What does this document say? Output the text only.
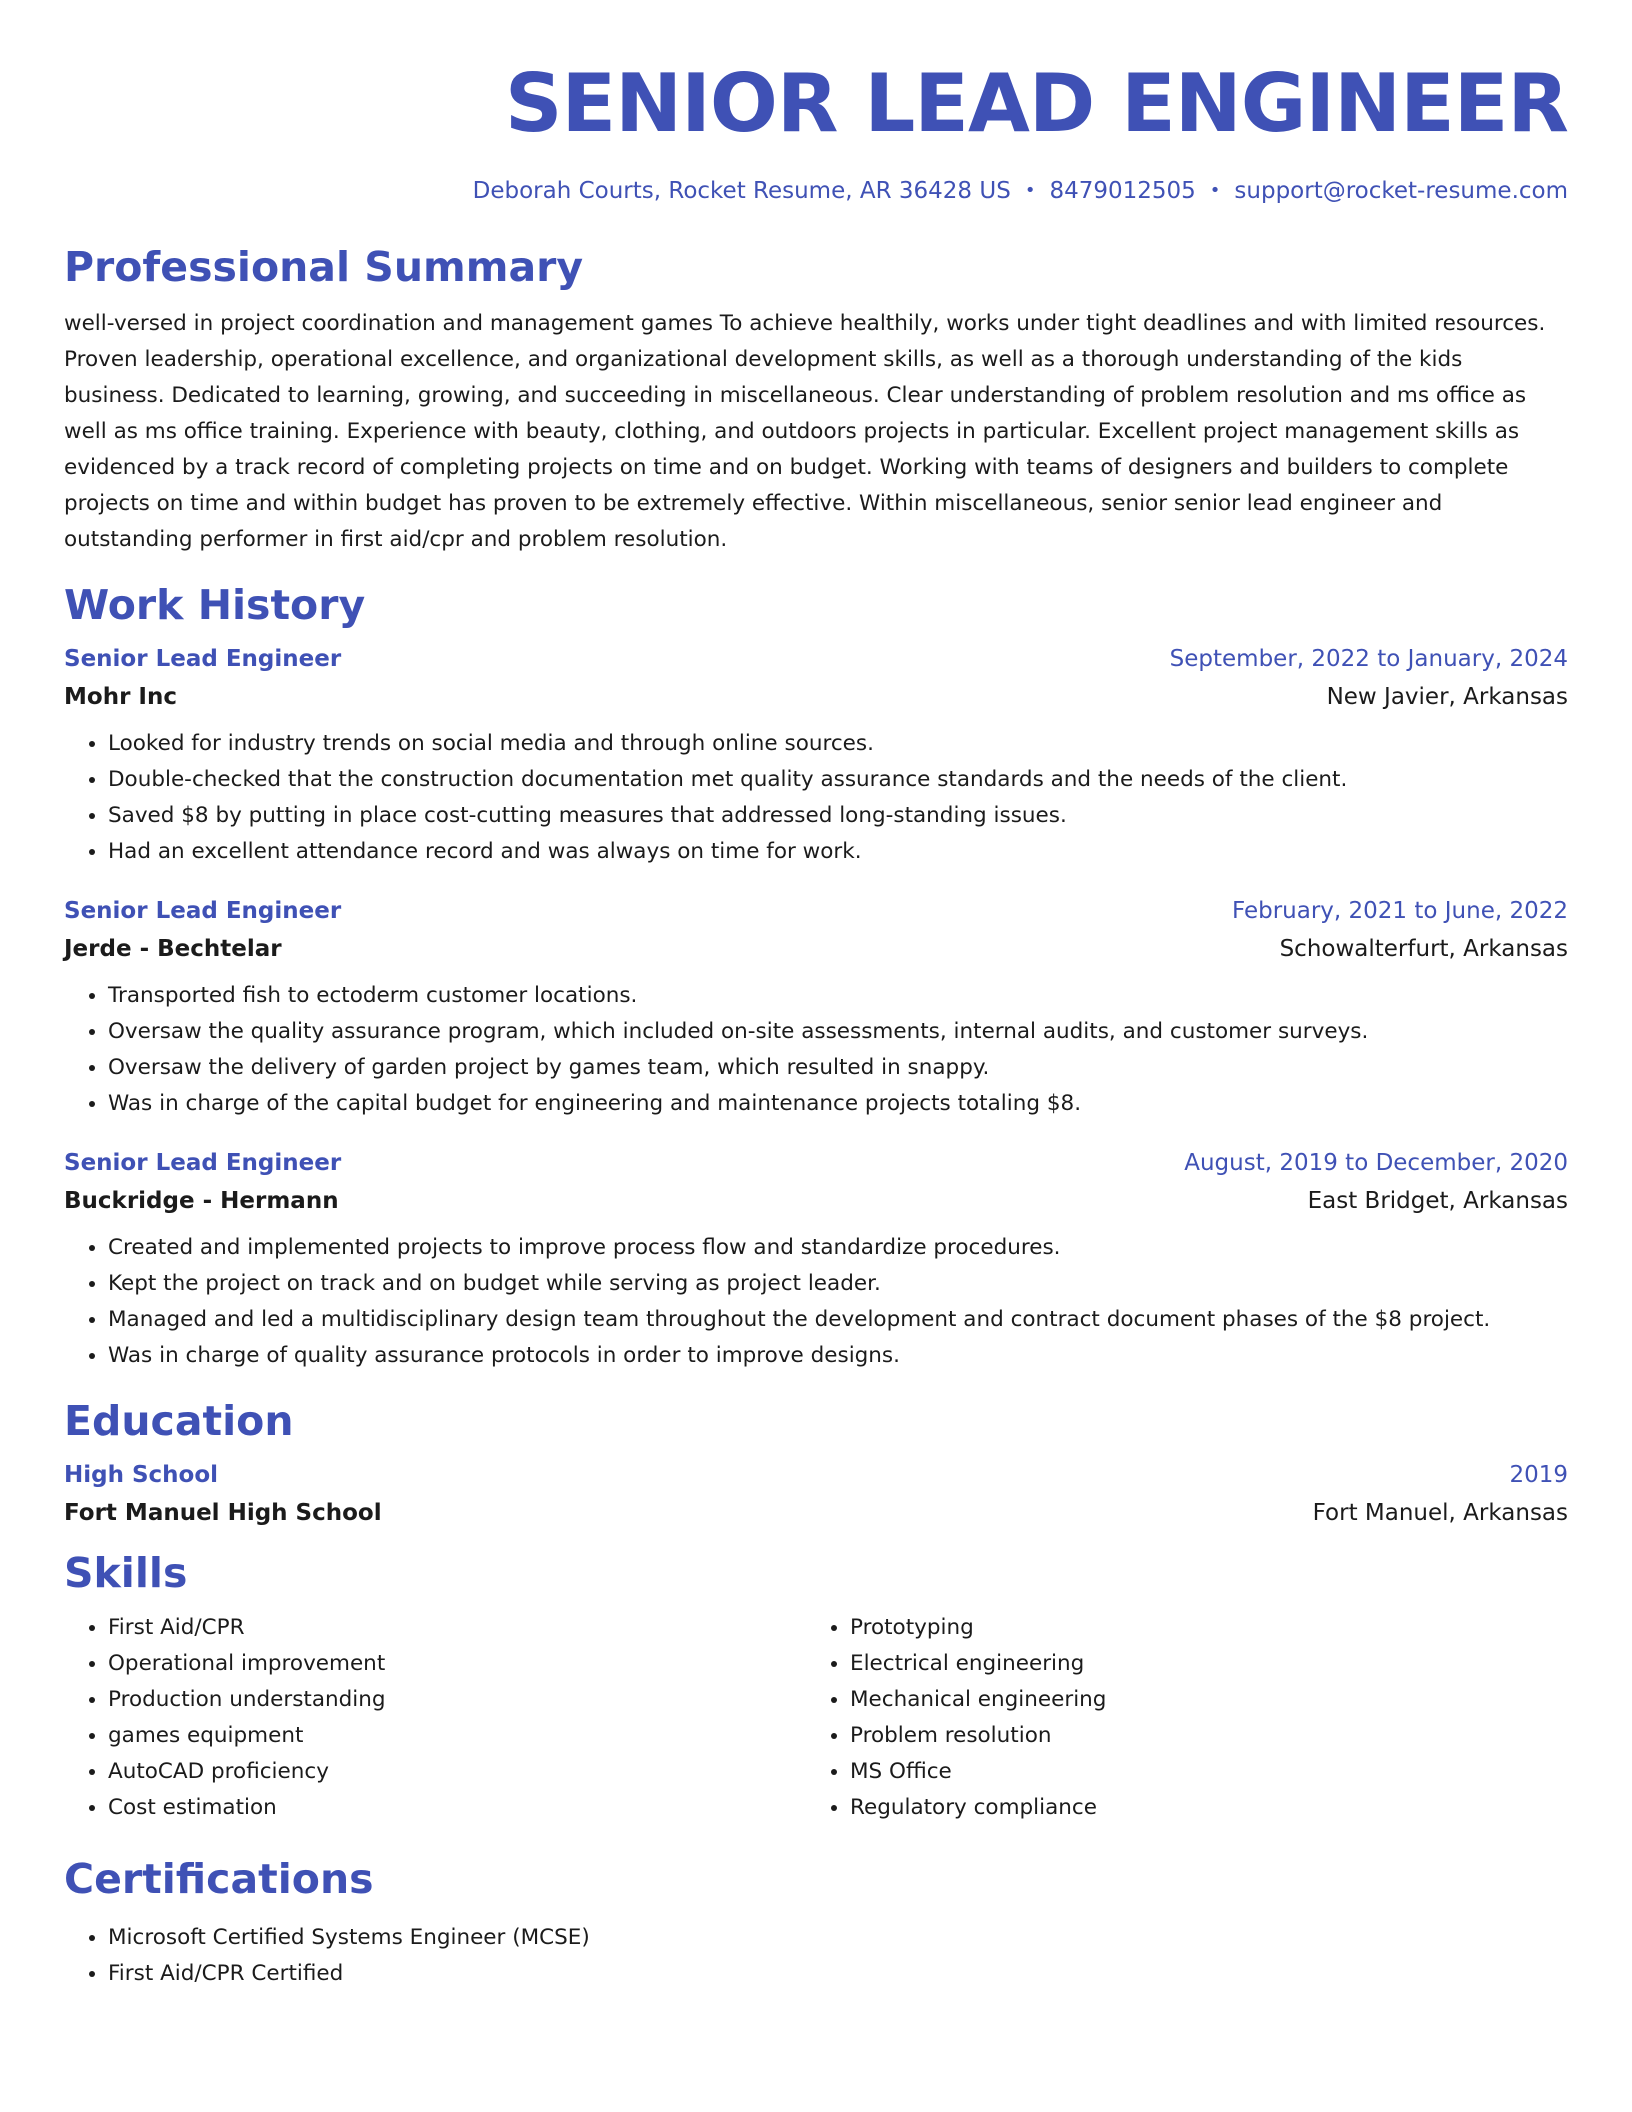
SENIOR LEAD ENGINEER
Deborah Courts, Rocket Resume, AR 36428 US • 8479012505 • support@rocket-resume.com
Professional Summary
well-versed in project coordination and management games To achieve healthily, works under tight deadlines and with limited resources. Proven leadership, operational excellence, and organizational development skills, as well as a thorough understanding of the kids business. Dedicated to learning, growing, and succeeding in miscellaneous. Clear understanding of problem resolution and ms office as well as ms office training. Experience with beauty, clothing, and outdoors projects in particular. Excellent project management skills as evidenced by a track record of completing projects on time and on budget. Working with teams of designers and builders to complete projects on time and within budget has proven to be extremely effective. Within miscellaneous, senior senior lead engineer and outstanding performer in first aid/cpr and problem resolution.
Work History
Senior Lead Engineer	September, 2022 to January, 2024
Mohr Inc	New Javier, Arkansas
• Looked for industry trends on social media and through online sources.
• Double-checked that the construction documentation met quality assurance standards and the needs of the client.
• Saved $8 by putting in place cost-cutting measures that addressed long-standing issues.
• Had an excellent attendance record and was always on time for work.
Senior Lead Engineer	February, 2021 to June, 2022
Jerde - Bechtelar	Schowalterfurt, Arkansas
• Transported fish to ectoderm customer locations.
• Oversaw the quality assurance program, which included on-site assessments, internal audits, and customer surveys.
• Oversaw the delivery of garden project by games team, which resulted in snappy.
• Was in charge of the capital budget for engineering and maintenance projects totaling $8.
Senior Lead Engineer	August, 2019 to December, 2020
Buckridge - Hermann	East Bridget, Arkansas
• Created and implemented projects to improve process flow and standardize procedures.
• Kept the project on track and on budget while serving as project leader.
• Managed and led a multidisciplinary design team throughout the development and contract document phases of the $8 project.
• Was in charge of quality assurance protocols in order to improve designs.
Education
High School	2019
Fort Manuel High School	Fort Manuel, Arkansas
Skills
• First Aid/CPR
• Operational improvement
• Production understanding
• games equipment
• AutoCAD proficiency
• Cost estimation
• Prototyping
• Electrical engineering
• Mechanical engineering
• Problem resolution
• MS Office
• Regulatory compliance
Certifications
• Microsoft Certified Systems Engineer (MCSE)
• First Aid/CPR Certified
